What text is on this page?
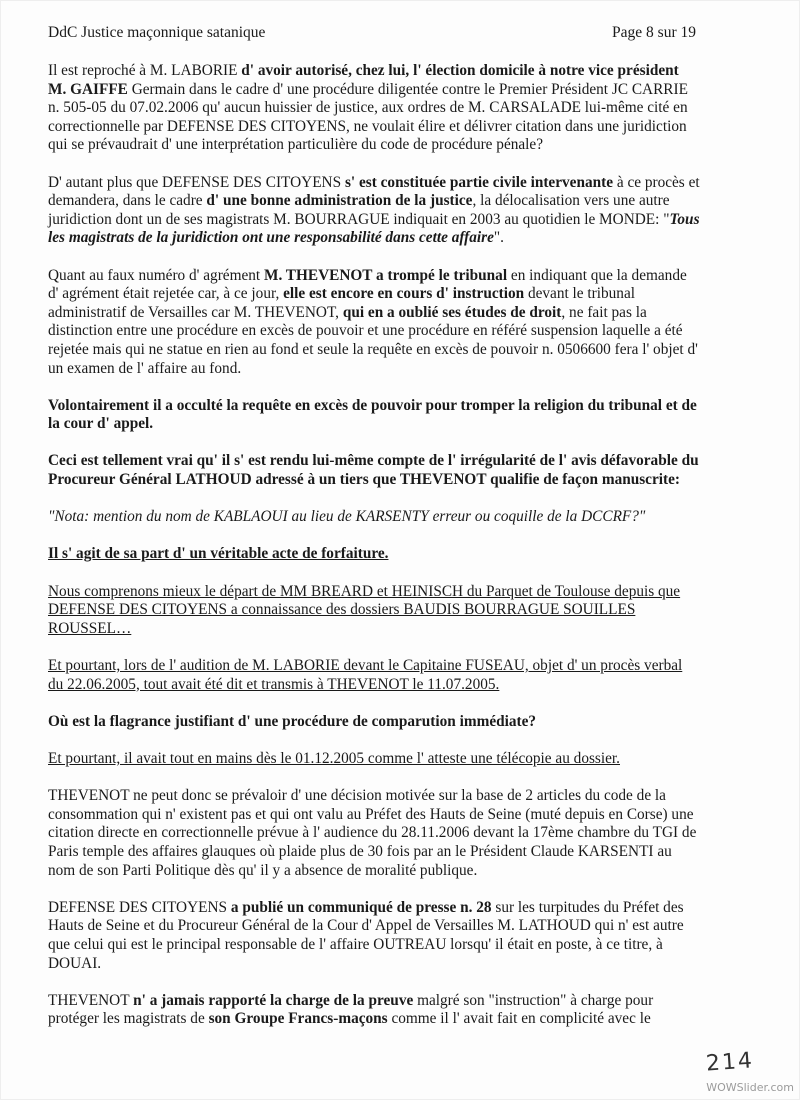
DdC Justice maçonnique satanique	Page 8 sur 19

Il est reproché à M. LABORIE d' avoir autorisé, chez lui, l' élection domicile à notre vice président M. GAIFFE Germain dans le cadre d' une procédure diligentée contre le Premier Président JC CARRIE n. 505-05 du 07.02.2006 qu' aucun huissier de justice, aux ordres de M. CARSALADE lui-même cité en correctionnelle par DEFENSE DES CITOYENS, ne voulait élire et délivrer citation dans une juridiction qui se prévaudrait d' une interprétation particulière du code de procédure pénale?

D' autant plus que DEFENSE DES CITOYENS s' est constituée partie civile intervenante à ce procès et demandera, dans le cadre d' une bonne administration de la justice, la délocalisation vers une autre juridiction dont un de ses magistrats M. BOURRAGUE indiquait en 2003 au quotidien le MONDE: "Tous les magistrats de la juridiction ont une responsabilité dans cette affaire".

Quant au faux numéro d' agrément M. THEVENOT a trompé le tribunal en indiquant que la demande d' agrément était rejetée car, à ce jour, elle est encore en cours d' instruction devant le tribunal administratif de Versailles car M. THEVENOT, qui en a oublié ses études de droit, ne fait pas la distinction entre une procédure en excès de pouvoir et une procédure en référé suspension laquelle a été rejetée mais qui ne statue en rien au fond et seule la requête en excès de pouvoir n. 0506600 fera l' objet d' un examen de l' affaire au fond.

Volontairement il a occulté la requête en excès de pouvoir pour tromper la religion du tribunal et de la cour d' appel.

Ceci est tellement vrai qu' il s' est rendu lui-même compte de l' irrégularité de l' avis défavorable du Procureur Général LATHOUD adressé à un tiers que THEVENOT qualifie de façon manuscrite:

"Nota: mention du nom de KABLAOUI au lieu de KARSENTY erreur ou coquille de la DCCRF?"

Il s' agit de sa part d' un véritable acte de forfaiture.

Nous comprenons mieux le départ de MM BREARD et HEINISCH du Parquet de Toulouse depuis que DEFENSE DES CITOYENS a connaissance des dossiers BAUDIS BOURRAGUE SOUILLES ROUSSEL…

Et pourtant, lors de l' audition de M. LABORIE devant le Capitaine FUSEAU, objet d' un procès verbal du 22.06.2005, tout avait été dit et transmis à THEVENOT le 11.07.2005.

Où est la flagrance justifiant d' une procédure de comparution immédiate?

Et pourtant, il avait tout en mains dès le 01.12.2005 comme l' atteste une télécopie au dossier.

THEVENOT ne peut donc se prévaloir d' une décision motivée sur la base de 2 articles du code de la consommation qui n' existent pas et qui ont valu au Préfet des Hauts de Seine (muté depuis en Corse) une citation directe en correctionnelle prévue à l' audience du 28.11.2006 devant la 17ème chambre du TGI de Paris temple des affaires glauques où plaide plus de 30 fois par an le Président Claude KARSENTI au nom de son Parti Politique dès qu' il y a absence de moralité publique.

DEFENSE DES CITOYENS a publié un communiqué de presse n. 28 sur les turpitudes du Préfet des Hauts de Seine et du Procureur Général de la Cour d' Appel de Versailles M. LATHOUD qui n' est autre que celui qui est le principal responsable de l' affaire OUTREAU lorsqu' il était en poste, à ce titre, à DOUAI.

THEVENOT n' a jamais rapporté la charge de la preuve malgré son "instruction" à charge pour protéger les magistrats de son Groupe Francs-maçons comme il l' avait fait en complicité avec le

214
WOWSlider.com
